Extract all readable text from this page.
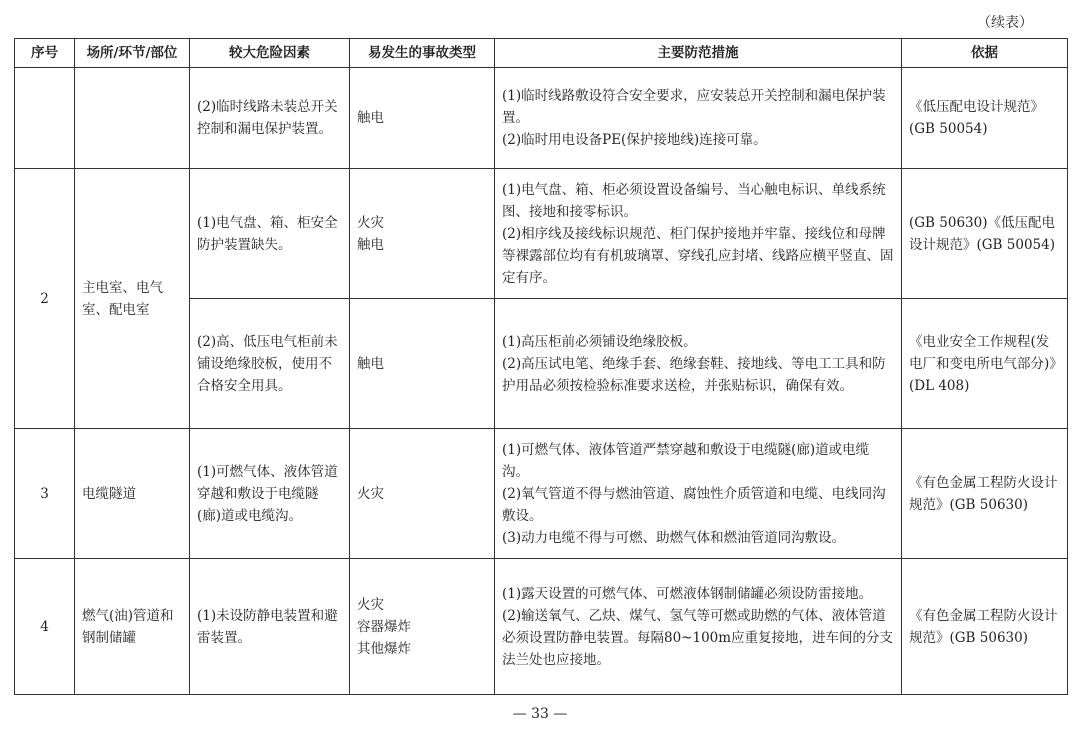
（续表）
序号	场所/环节/部位	较大危险因素	易发生的事故类型	主要防范措施	依据
		(2)临时线路未装总开关控制和漏电保护装置。	触电	(1)临时线路敷设符合安全要求，应安装总开关控制和漏电保护装置。
(2)临时用电设备PE(保护接地线)连接可靠。	《低压配电设计规范》
(GB 50054)

2	主电室、电气室、配电室	(1)电气盘、箱、柜安全防护装置缺失。	火灾
触电	(1)电气盘、箱、柜必须设置设备编号、当心触电标识、单线系统图、接地和接零标识。
(2)相序线及接线标识规范、柜门保护接地并牢靠、接线位和母牌等裸露部位均有有机玻璃罩、穿线孔应封堵、线路应横平竖直、固定有序。	(GB 50630)《低压配电设计规范》(GB 50054)

		(2)高、低压电气柜前未铺设绝缘胶板，使用不合格安全用具。	触电	(1)高压柜前必须铺设绝缘胶板。
(2)高压试电笔、绝缘手套、绝缘套鞋、接地线、等电工工具和防护用品必须按检验标准要求送检，并张贴标识，确保有效。	《电业安全工作规程(发电厂和变电所电气部分)》
(DL 408)

3	电缆隧道	(1)可燃气体、液体管道穿越和敷设于电缆隧(廊)道或电缆沟。	火灾	(1)可燃气体、液体管道严禁穿越和敷设于电缆隧(廊)道或电缆沟。
(2)氧气管道不得与燃油管道、腐蚀性介质管道和电缆、电线同沟敷设。
(3)动力电缆不得与可燃、助燃气体和燃油管道同沟敷设。	《有色金属工程防火设计规范》(GB 50630)

4	燃气(油)管道和钢制储罐	(1)未设防静电装置和避雷装置。	火灾
容器爆炸
其他爆炸	(1)露天设置的可燃气体、可燃液体钢制储罐必须设防雷接地。
(2)输送氧气、乙炔、煤气、氢气等可燃或助燃的气体、液体管道必须设置防静电装置。每隔80~100m应重复接地，进车间的分支法兰处也应接地。	《有色金属工程防火设计规范》(GB 50630)
— 33 —
